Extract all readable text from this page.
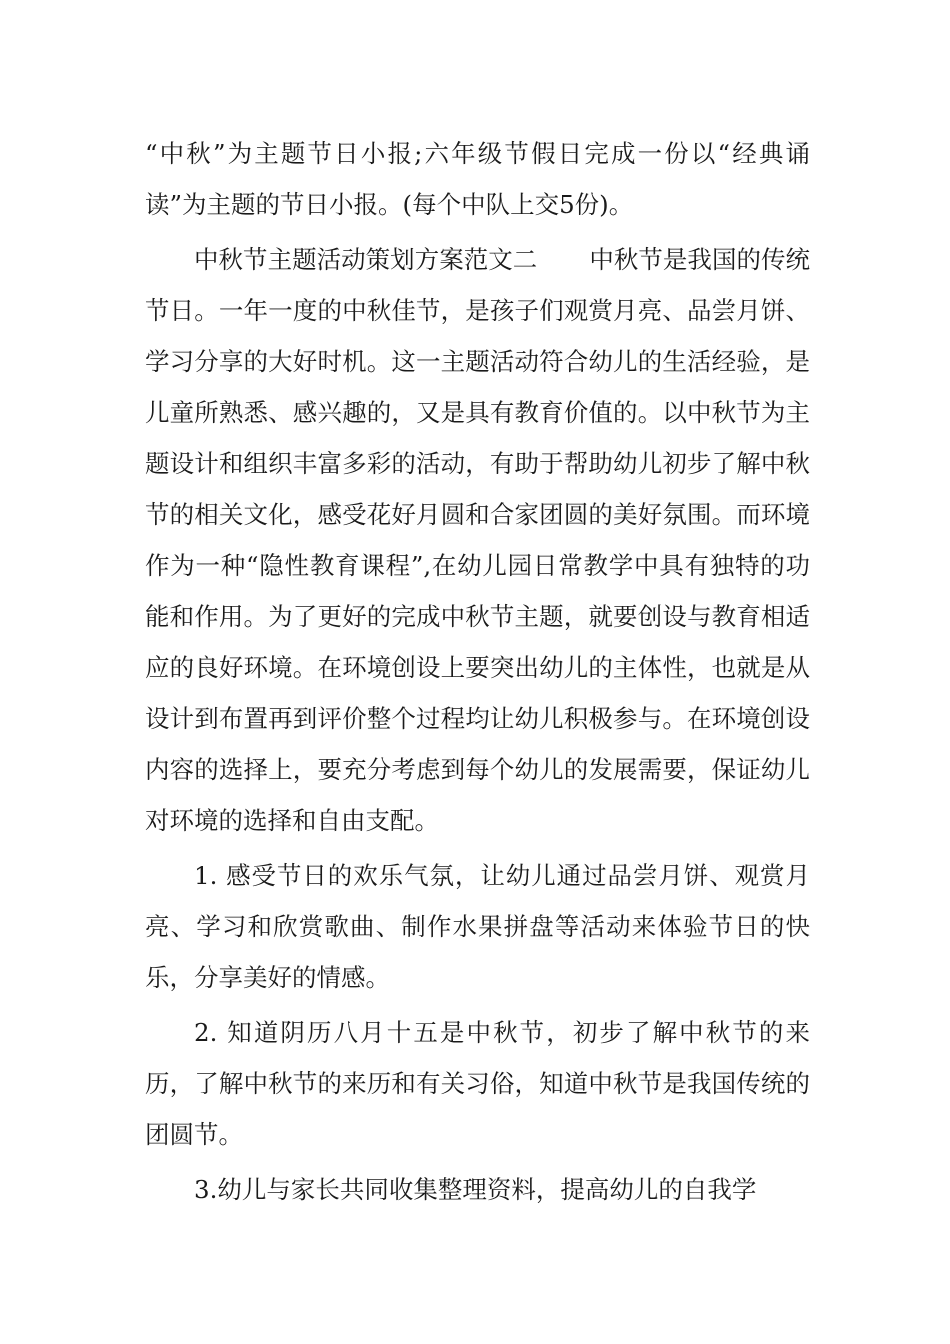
“中秋”为主题节日小报;六年级节假日完成一份以“经典诵读”为主题的节日小报。(每个中队上交5份)。

中秋节主题活动策划方案范文二 中秋节是我国的传统节日。一年一度的中秋佳节，是孩子们观赏月亮、品尝月饼、学习分享的大好时机。这一主题活动符合幼儿的生活经验，是儿童所熟悉、感兴趣的，又是具有教育价值的。以中秋节为主题设计和组织丰富多彩的活动，有助于帮助幼儿初步了解中秋节的相关文化，感受花好月圆和合家团圆的美好氛围。而环境作为一种“隐性教育课程”,在幼儿园日常教学中具有独特的功能和作用。为了更好的完成中秋节主题，就要创设与教育相适应的良好环境。在环境创设上要突出幼儿的主体性，也就是从设计到布置再到评价整个过程均让幼儿积极参与。在环境创设内容的选择上，要充分考虑到每个幼儿的发展需要，保证幼儿对环境的选择和自由支配。

1. 感受节日的欢乐气氛，让幼儿通过品尝月饼、观赏月亮、学习和欣赏歌曲、制作水果拼盘等活动来体验节日的快乐，分享美好的情感。

2. 知道阴历八月十五是中秋节，初步了解中秋节的来历，了解中秋节的来历和有关习俗，知道中秋节是我国传统的团圆节。

3.幼儿与家长共同收集整理资料，提高幼儿的自我学
